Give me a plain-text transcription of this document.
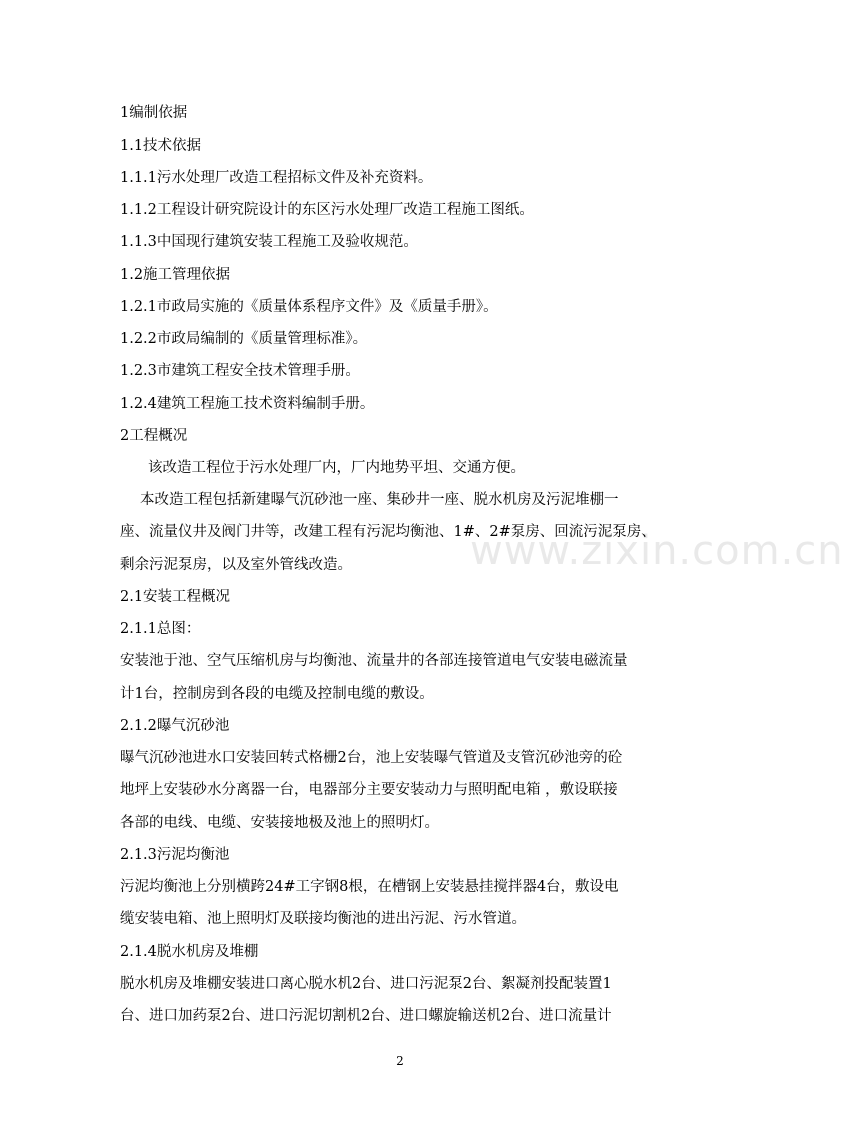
www.zixin.com.cn
1编制依据
1.1技术依据
1.1.1污水处理厂改造工程招标文件及补充资料。
1.1.2工程设计研究院设计的东区污水处理厂改造工程施工图纸。
1.1.3中国现行建筑安装工程施工及验收规范。
1.2施工管理依据
1.2.1市政局实施的《质量体系程序文件》及《质量手册》。
1.2.2市政局编制的《质量管理标准》。
1.2.3市建筑工程安全技术管理手册。
1.2.4建筑工程施工技术资料编制手册。
2工程概况
该改造工程位于污水处理厂内，厂内地势平坦、交通方便。
本改造工程包括新建曝气沉砂池一座、集砂井一座、脱水机房及污泥堆棚一
座、流量仪井及阀门井等，改建工程有污泥均衡池、1#、2#泵房、回流污泥泵房、
剩余污泥泵房，以及室外管线改造。
2.1安装工程概况
2.1.1总图：
安装池于池、空气压缩机房与均衡池、流量井的各部连接管道电气安装电磁流量
计1台，控制房到各段的电缆及控制电缆的敷设。
2.1.2曝气沉砂池
曝气沉砂池进水口安装回转式格栅2台，池上安装曝气管道及支管沉砂池旁的砼
地坪上安装砂水分离器一台，电器部分主要安装动力与照明配电箱 ，敷设联接
各部的电线、电缆、安装接地极及池上的照明灯。
2.1.3污泥均衡池
污泥均衡池上分别横跨24#工字钢8根，在槽钢上安装悬挂搅拌器4台，敷设电
缆安装电箱、池上照明灯及联接均衡池的进出污泥、污水管道。
2.1.4脱水机房及堆棚
脱水机房及堆棚安装进口离心脱水机2台、进口污泥泵2台、絮凝剂投配装置1
台、进口加药泵2台、进口污泥切割机2台、进口螺旋输送机2台、进口流量计
2
